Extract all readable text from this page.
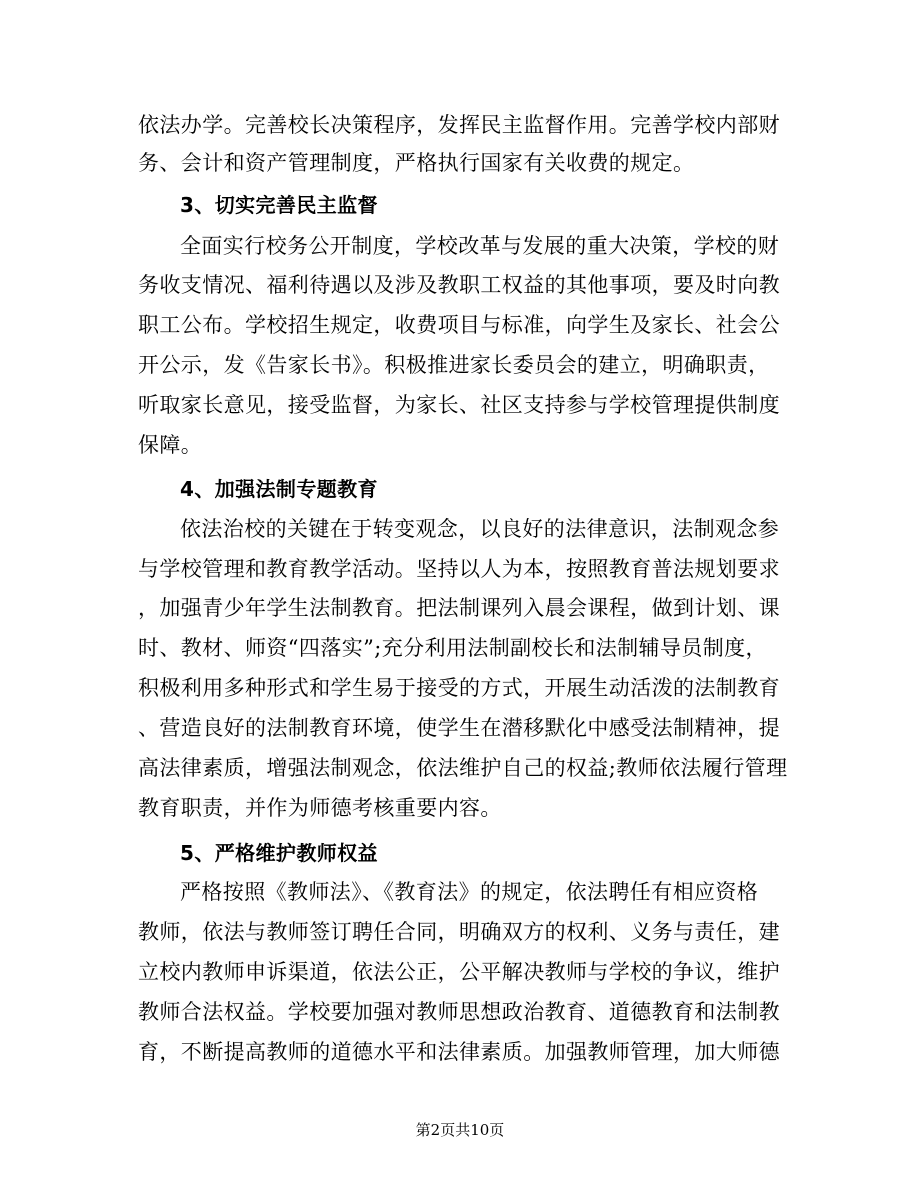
依法办学。完善校长决策程序，发挥民主监督作用。完善学校内部财
务、会计和资产管理制度，严格执行国家有关收费的规定。
3、切实完善民主监督
全面实行校务公开制度，学校改革与发展的重大决策，学校的财
务收支情况、福利待遇以及涉及教职工权益的其他事项，要及时向教
职工公布。学校招生规定，收费项目与标准，向学生及家长、社会公
开公示，发《告家长书》。积极推进家长委员会的建立，明确职责，
听取家长意见，接受监督，为家长、社区支持参与学校管理提供制度
保障。
4、加强法制专题教育
依法治校的关键在于转变观念，以良好的法律意识，法制观念参
与学校管理和教育教学活动。坚持以人为本，按照教育普法规划要求
，加强青少年学生法制教育。把法制课列入晨会课程，做到计划、课
时、教材、师资“四落实”;充分利用法制副校长和法制辅导员制度，
积极利用多种形式和学生易于接受的方式，开展生动活泼的法制教育
、营造良好的法制教育环境，使学生在潜移默化中感受法制精神，提
高法律素质，增强法制观念，依法维护自己的权益;教师依法履行管理
教育职责，并作为师德考核重要内容。
5、严格维护教师权益
严格按照《教师法》、《教育法》的规定，依法聘任有相应资格
教师，依法与教师签订聘任合同，明确双方的权利、义务与责任，建
立校内教师申诉渠道，依法公正，公平解决教师与学校的争议，维护
教师合法权益。学校要加强对教师思想政治教育、道德教育和法制教
育，不断提高教师的道德水平和法律素质。加强教师管理，加大师德
第2页共10页
